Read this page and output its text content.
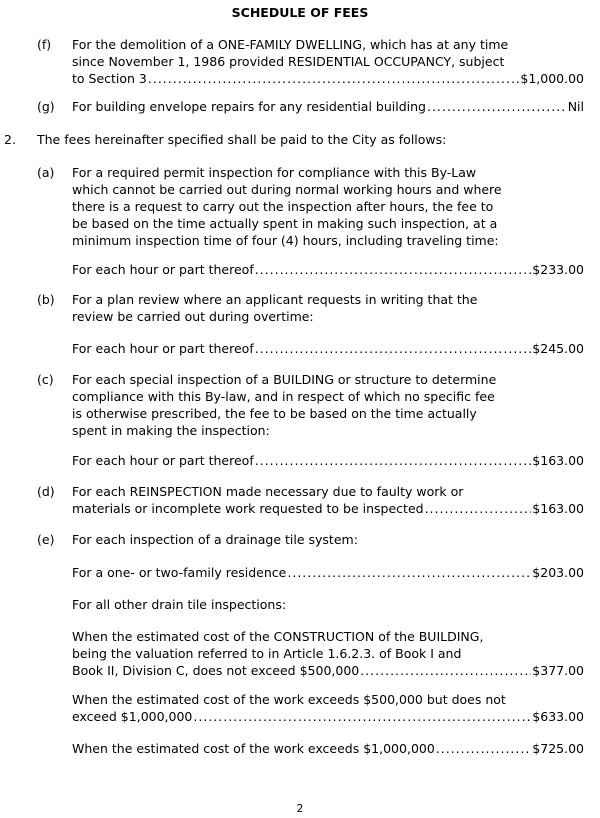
SCHEDULE OF FEES
(f) For the demolition of a ONE-FAMILY DWELLING, which has at any time
since November 1, 1986 provided RESIDENTIAL OCCUPANCY, subject
to Section 3 .....	$1,000.00
(g) For building envelope repairs for any residential building .....	Nil
2. The fees hereinafter specified shall be paid to the City as follows:
(a) For a required permit inspection for compliance with this By-Law
which cannot be carried out during normal working hours and where
there is a request to carry out the inspection after hours, the fee to
be based on the time actually spent in making such inspection, at a
minimum inspection time of four (4) hours, including traveling time:
For each hour or part thereof .....	$233.00
(b) For a plan review where an applicant requests in writing that the
review be carried out during overtime:
For each hour or part thereof .....	$245.00
(c) For each special inspection of a BUILDING or structure to determine
compliance with this By-law, and in respect of which no specific fee
is otherwise prescribed, the fee to be based on the time actually
spent in making the inspection:
For each hour or part thereof .....	$163.00
(d) For each REINSPECTION made necessary due to faulty work or
materials or incomplete work requested to be inspected .....	$163.00
(e) For each inspection of a drainage tile system:
For a one- or two-family residence .....	$203.00
For all other drain tile inspections:
When the estimated cost of the CONSTRUCTION of the BUILDING,
being the valuation referred to in Article 1.6.2.3. of Book I and
Book II, Division C, does not exceed $500,000 .....	$377.00
When the estimated cost of the work exceeds $500,000 but does not
exceed $1,000,000 .....	$633.00
When the estimated cost of the work exceeds $1,000,000 .....	$725.00
2
